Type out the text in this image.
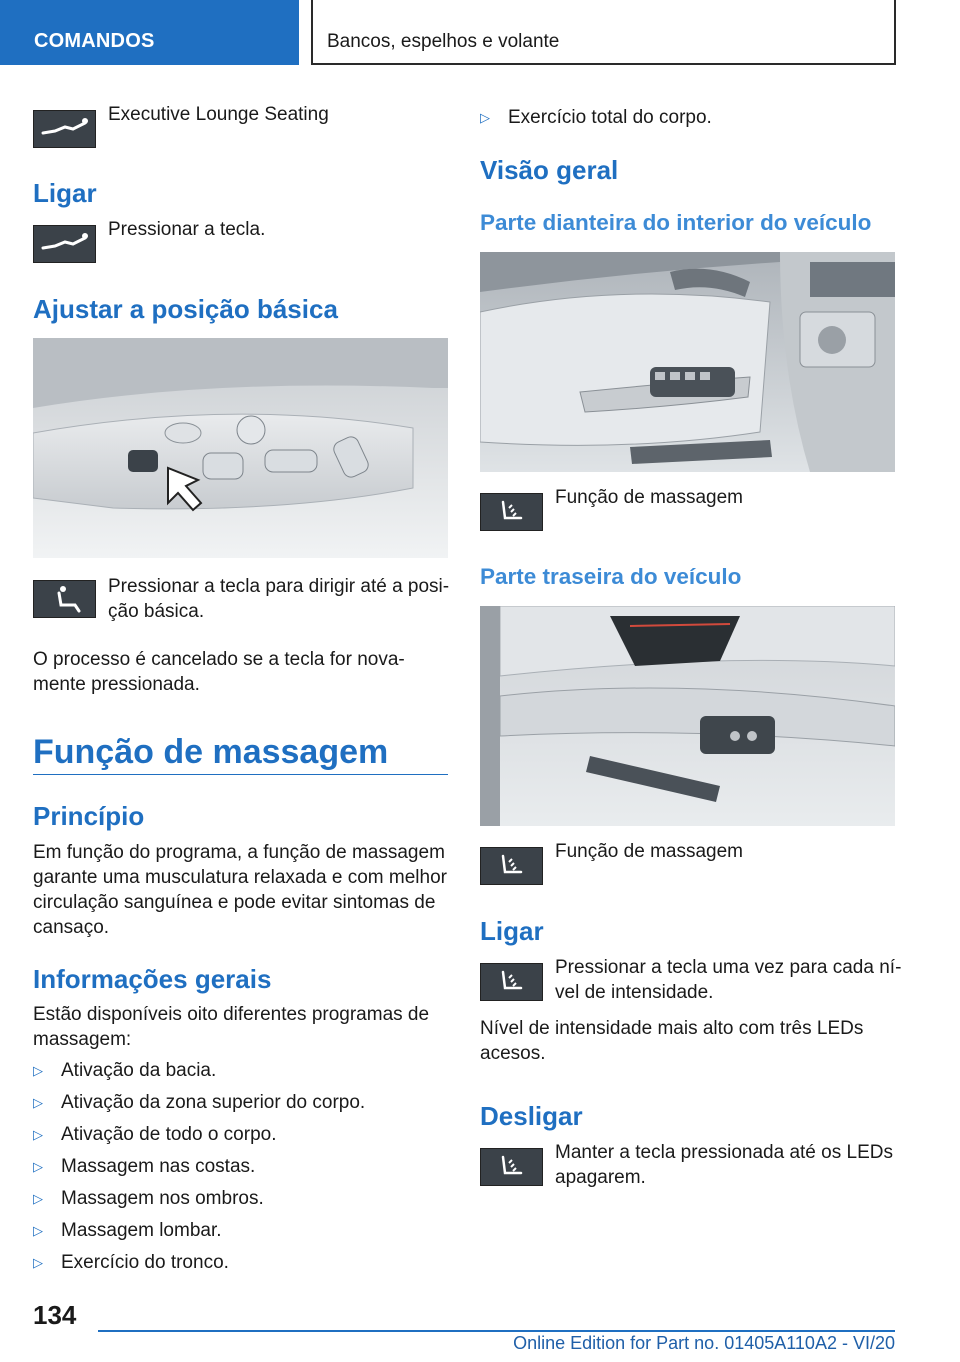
COMANDOS	Bancos, espelhos e volante
Executive Lounge Seating
Ligar
Pressionar a tecla.
Ajustar a posição básica
Pressionar a tecla para dirigir até a posi-
ção básica.
O processo é cancelado se a tecla for nova-
mente pressionada.
Função de massagem
Princípio
Em função do programa, a função de massagem
garante uma musculatura relaxada e com melhor
circulação sanguínea e pode evitar sintomas de
cansaço.
Informações gerais
Estão disponíveis oito diferentes programas de
massagem:
▷ Ativação da bacia.
▷ Ativação da zona superior do corpo.
▷ Ativação de todo o corpo.
▷ Massagem nas costas.
▷ Massagem nos ombros.
▷ Massagem lombar.
▷ Exercício do tronco.
▷ Exercício total do corpo.
Visão geral
Parte dianteira do interior do veículo
Função de massagem
Parte traseira do veículo
Função de massagem
Ligar
Pressionar a tecla uma vez para cada ní-
vel de intensidade.
Nível de intensidade mais alto com três LEDs
acesos.
Desligar
Manter a tecla pressionada até os LEDs
apagarem.
134
Online Edition for Part no. 01405A110A2 - VI/20
